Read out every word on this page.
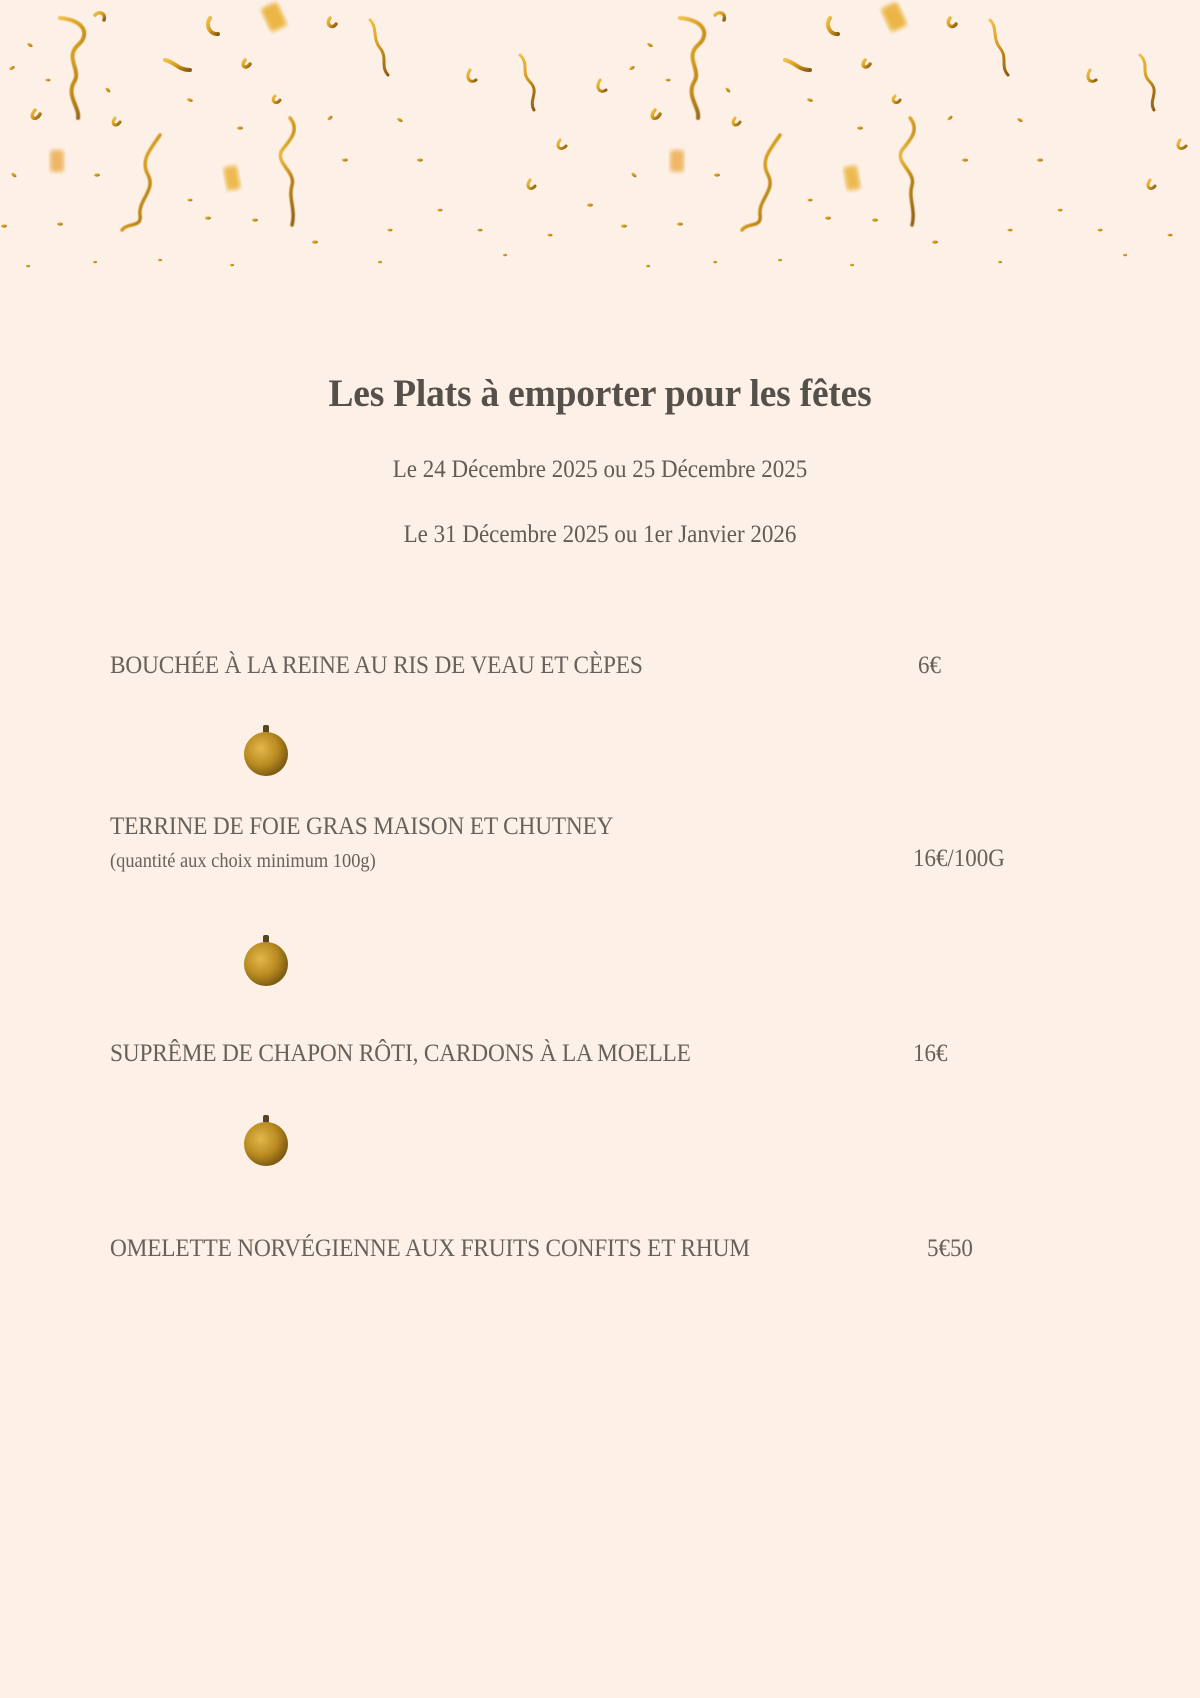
Les Plats à emporter pour les fêtes
Le 24 Décembre 2025 ou 25 Décembre 2025
Le 31 Décembre 2025 ou 1er Janvier 2026
BOUCHÉE À LA REINE AU RIS DE VEAU ET CÈPES	6€
TERRINE DE FOIE GRAS MAISON ET CHUTNEY
(quantité aux choix minimum 100g)	16€/100G
SUPRÊME DE CHAPON RÔTI, CARDONS À LA MOELLE	16€
OMELETTE NORVÉGIENNE AUX FRUITS CONFITS ET RHUM	5€50
